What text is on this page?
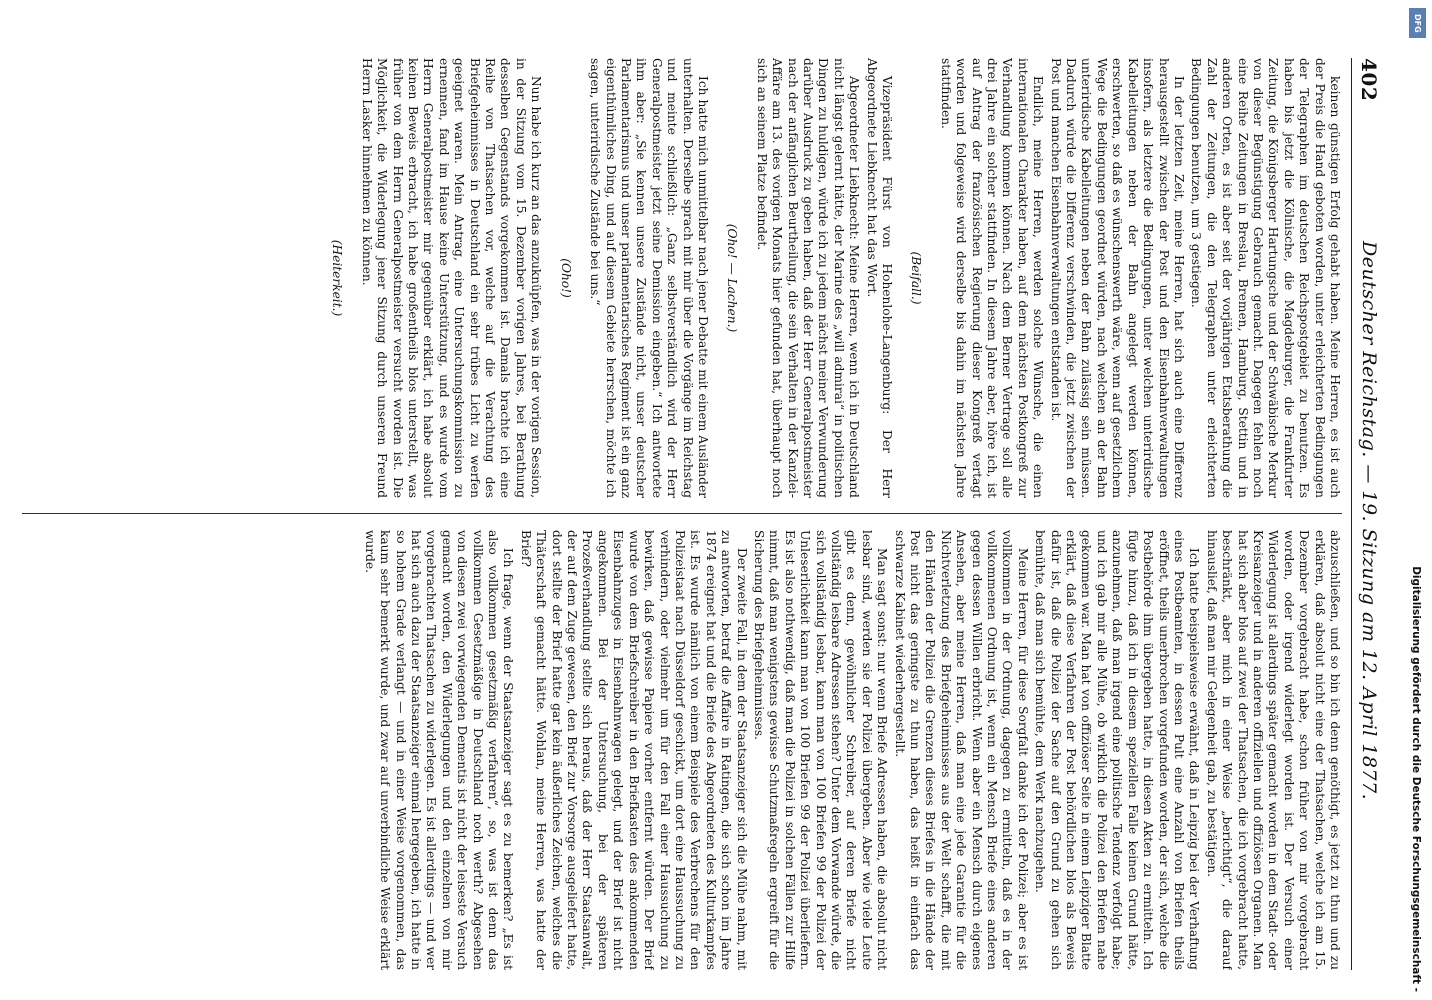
402
Deutscher Reichstag. — 19. Sitzung am 12. April 1877.

keinen günstigen Erfolg gehabt haben. Meine Herren, es ist auch der Preis die Hand geboten worden, unter erleichterten Bedingungen der Telegraphen im deutschen Reichspostgebiet zu benutzen. Es haben bis jetzt die Kölnische, die Magdeburger, die Frankfurter Zeitung, die Königsberger Hartungsche und der Schwäbische Merkur von dieser Begünstigung Gebrauch gemacht. Dagegen fehlen noch eine Reihe Zeitungen in Breslau, Bremen, Hamburg, Stettin und in anderen Orten, es ist aber seit der vorjährigen Etatsberathung die Zahl der Zeitungen, die den Telegraphen unter erleichterten Bedingungen benutzen, um 3 gestiegen.

In der letzten Zeit, meine Herren, hat sich auch eine Differenz herausgestellt zwischen der Post und den Eisenbahnverwaltungen insofern, als letztere die Bedingungen, unter welchen unterirdische Kabelleitungen neben der Bahn angelegt werden können, erschwerten, so daß es wünschenswerth wäre, wenn auf gesetzlichem Wege die Bedingungen geordnet würden, nach welchen an der Bahn unterirdische Kabelleitungen neben der Bahn zulässig sein müssen. Dadurch würde die Differenz verschwinden, die jetzt zwischen der Post und manchen Eisenbahnverwaltungen entstanden ist.

Endlich, meine Herren, werden solche Wünsche, die einen internationalen Charakter haben, auf dem nächsten Postkongreß zur Verhandlung kommen können. Nach dem Berner Vertrage soll alle drei Jahre ein solcher stattfinden. In diesem Jahre aber, höre ich, ist auf Antrag der französischen Regierung dieser Kongreß vertagt worden und folgeweise wird derselbe bis dahin im nächsten Jahre stattfinden.

(Beifall.)

Vizepräsident Fürst von Hohenlohe-Langenburg: Der Herr Abgeordnete Liebknecht hat das Wort.

Abgeordneter Liebknecht: Meine Herren, wenn ich in Deutschland nicht längst gelernt hätte, der Marine des „will admirai“ in politischen Dingen zu huldigen, würde ich zu jedem nächst meiner Verwunderung darüber Ausdruck zu geben haben, daß der Herr Generalpostmeister nach der anfänglichen Beurtheilung, die sein Verhalten in der Kanzlei-Affäre am 13. des vorigen Monats hier gefunden hat, überhaupt noch sich an seinem Platze befindet.

(Oho! — Lachen.)

Ich hatte mich unmittelbar nach jener Debatte mit einem Ausländer unterhalten. Derselbe sprach mit mir über die Vorgänge im Reichstag und meinte schließlich: „Ganz selbstverständlich wird der Herr Generalpostmeister jetzt seine Demission eingeben.“ Ich antwortete ihm aber: „Sie kennen unsere Zustände nicht, unser deutscher Parlamentarismus und unser parlamentarisches Regiment ist ein ganz eigenthümliches Ding, und auf diesem Gebiete herrschen, möchte ich sagen, unterirdische Zustände bei uns.“

(Oho!)

Nun habe ich kurz an das anzuknüpfen, was in der vorigen Session, in der Sitzung vom 15. Dezember vorigen Jahres, bei Berathung desselben Gegenstands vorgekommen ist. Damals brachte ich eine Reihe von Thatsachen vor, welche auf die Verachtung des Briefgeheimnisses in Deutschland ein sehr trübes Licht zu werfen geeignet waren. Mein Antrag, eine Untersuchungskommission zu ernennen, fand im Hause keine Unterstützung, und es wurde vom Herrn Generalpostmeister mir gegenüber erklärt, ich habe absolut keinen Beweis erbracht, ich habe großentheils blos unterstellt, was früher von dem Herrn Generalpostmeister versucht worden ist. Die Möglichkeit, die Widerlegung jener Sitzung durch unseren Freund Herrn Lasker hinnehmen zu können.

(Heiterkeit.)

abzuschließen, und so bin ich denn genöthigt, es jetzt zu thun und zu erklären, daß absolut nicht eine der Thatsachen, welche ich am 15. Dezember vorgebracht habe, schon früher von mir vorgebracht worden, oder irgend widerlegt worden ist. Der Versuch einer Widerlegung ist allerdings später gemacht worden in dem Stadt- oder Kreisanzeiger und in anderen offiziellen und offiziösen Organen. Man hat sich aber blos auf zwei der Thatsachen, die ich vorgebracht hatte, beschränkt, aber mich in einer Weise „berichtigt“, die darauf hinauslief, daß man mir Gelegenheit gab, zu bestätigen.

Ich hatte beispielsweise erwähnt, daß in Leipzig bei der Verhaftung eines Postbeamten, in dessen Pult eine Anzahl von Briefen theils eröffnet, theils unerbrochen vorgefunden worden, der sich, welche die Postbehörde ihm übergeben hatte, in diesen Akten zu ermitteln. Ich fügte hinzu, daß ich in diesem speziellen Falle keinen Grund hätte, anzunehmen, daß man irgend eine politische Tendenz verfolgt habe; und ich gab mir alle Mühe, ob wirklich die Polizei den Briefen nahe gekommen war. Man hat von offiziöser Seite in einem Leipziger Blatte erklärt, daß diese Verfahren der Post behördlichen blos als Beweis dafür ist, daß die Polizei der Sache auf den Grund zu gehen sich bemühte, daß man sich bemühte, dem Werk nachzugehen.

Meine Herren, für diese Sorgfalt danke ich der Polizei; aber es ist vollkommen in der Ordnung, dagegen zu ermitteln, daß es in der vollkommenen Ordnung ist, wenn ein Mensch Briefe eines anderen gegen dessen Willen erbricht. Wenn aber ein Mensch durch eigenes Ansehen, aber meine Herren, daß man eine jede Garantie für die Nichtverletzung des Briefgeheimnisses aus der Welt schafft, die mit den Händen der Polizei die Grenzen dieses Briefes in die Hände der Post nicht das geringste zu thun haben, das heißt in einfach das schwarze Kabinet wiederhergestellt.

Man sagt sonst: nur wenn Briefe Adressen haben, die absolut nicht lesbar sind, werden sie der Polizei übergeben. Aber wie viele Leute gibt es denn, gewöhnlicher Schreiber, auf deren Briefe nicht vollständig lesbare Adressen stehen? Unter dem Vorwande würde, die sich vollständig lesbar, kann man von 100 Briefen 99 der Polizei der Unleserlichkeit kann man von 100 Briefen 99 der Polizei überliefern. Es ist also nothwendig, daß man die Polizei in solchen Fällen zur Hilfe nimmt, daß man wenigstens gewisse Schutzmaßregeln ergreift für die Sicherung des Briefgeheimnisses.

Der zweite Fall, in dem der Staatsanzeiger sich die Mühe nahm, mit zu antworten, betraf die Affaire in Ratingen, die sich schon im Jahre 1874 ereignet hat und die Briefe des Abgeordneten des Kulturkampfes ist. Es wurde nämlich von einem Beispiele des Verbrechens für den Polizeistaat nach Düsseldorf geschickt, um dort eine Haussuchung zu verhindern, oder vielmehr um für den Fall einer Haussuchung zu bewirken, daß gewisse Papiere vorher entfernt würden. Der Brief wurde von dem Briefschreiber in den Briefkasten des ankommenden Eisenbahnzuges in Eisenbahnwagen gelegt, und der Brief ist nicht angekommen. Bei der Untersuchung, bei der späteren Prozeßverhandlung stellte sich heraus, daß der Herr Staatsanwalt, der auf dem Zuge gewesen, den Brief zur Vorsorge ausgeliefert hatte, dort stellte der Brief hatte gar kein äußerliches Zeichen, welches die Thäterschaft gemacht hätte. Wohlan, meine Herren, was hatte der Brief?

Ich frage, wenn der Staatsanzeiger sagt es zu bemerken? „Es ist also vollkommen gesetzmäßig verfahren“, so, was ist denn das vollkommen Gesetzmäßige in Deutschland noch werth? Abgesehen von diesen zwei vorwiegenden Dementis ist nicht der leiseste Versuch gemacht worden, den Widerlegungen und den einzelnen von mir vorgebrachten Thatsachen zu widerlegen. Es ist allerdings — und wer hat sich auch dazu der Staatsanzeiger einmal hergegeben, ich hatte in so hohem Grade verlangt — und in einer Weise vorgenommen, das kaum sehr bemerkt wurde, und zwar auf unverbindliche Weise erklärt wurde.

Digitalisierung gefördert durch die Deutsche Forschungsgemeinschaft -
DFG
